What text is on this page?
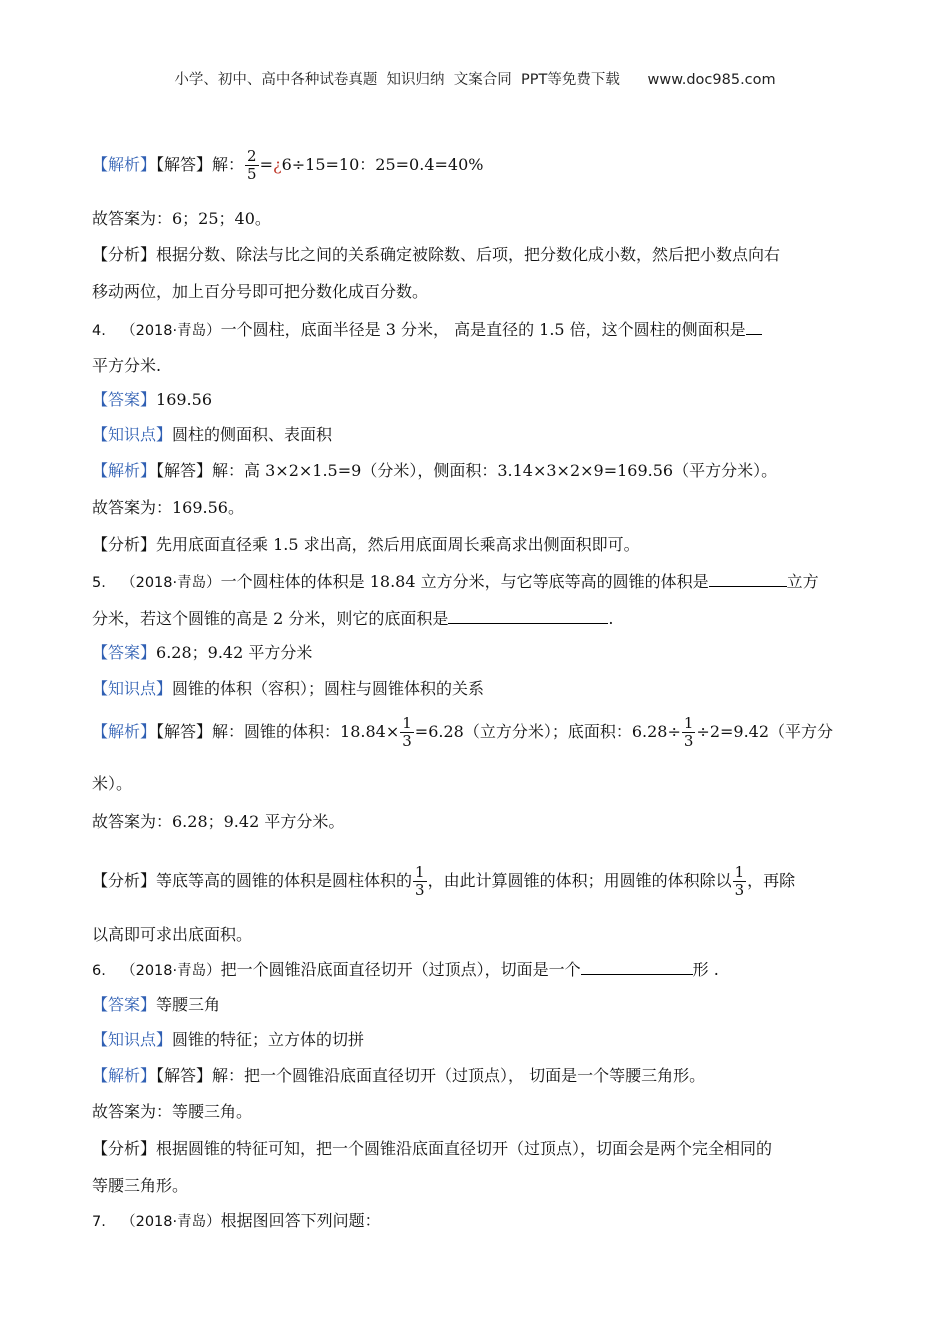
小学、初中、高中各种试卷真题  知识归纳  文案合同  PPT等免费下载      www.doc985.com
【解析】【解答】解： $\frac{2}{5}$ =¿6÷15=10：25=0.4=40%
故答案为：6；25；40。
【分析】根据分数、除法与比之间的关系确定被除数、后项，把分数化成小数，然后把小数点向右
移动两位，加上百分号即可把分数化成百分数。
4. （2018·青岛）一个圆柱，底面半径是 3 分米， 高是直径的 1.5 倍，这个圆柱的侧面积是
平方分米.
【答案】169.56
【知识点】圆柱的侧面积、表面积
【解析】【解答】解：高 3×2×1.5=9（分米），侧面积：3.14×3×2×9=169.56（平方分米）。
故答案为：169.56。
【分析】先用底面直径乘 1.5 求出高，然后用底面周长乘高求出侧面积即可。
5. （2018·青岛）一个圆柱体的体积是 18.84 立方分米，与它等底等高的圆锥的体积是	立方
分米，若这个圆锥的高是 2 分米，则它的底面积是	.
【答案】6.28；9.42 平方分米
【知识点】圆锥的体积（容积）；圆柱与圆锥体积的关系
【解析】【解答】解：圆锥的体积：$18.84\times \frac{1}{3} =6.28$（立方分米）；底面积：$6.28\div \frac{1}{3} \div 2=9.42$（平方分
米）。
故答案为：6.28；9.42 平方分米。
【分析】等底等高的圆锥的体积是圆柱体积的 $\frac{1}{3}$ ，由此计算圆锥的体积；用圆锥的体积除以 $\frac{1}{3}$ ，再除
以高即可求出底面积。
6. （2018·青岛）把一个圆锥沿底面直径切开（过顶点），切面是一个	形 .
【答案】等腰三角
【知识点】圆锥的特征；立方体的切拼
【解析】【解答】解：把一个圆锥沿底面直径切开（过顶点）， 切面是一个等腰三角形。
故答案为：等腰三角。
【分析】根据圆锥的特征可知，把一个圆锥沿底面直径切开（过顶点），切面会是两个完全相同的
等腰三角形。
7. （2018·青岛）根据图回答下列问题：
